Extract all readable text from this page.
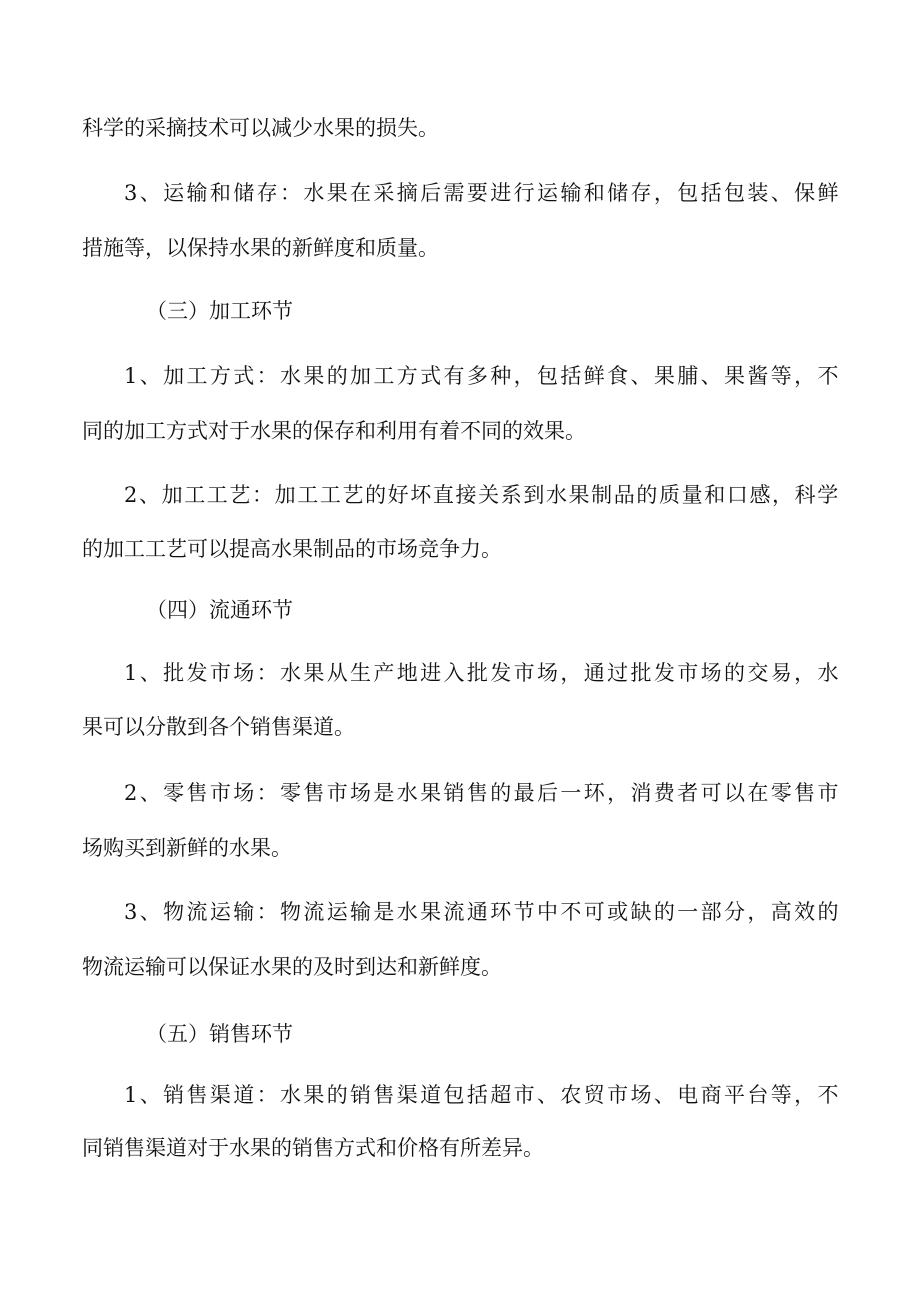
科学的采摘技术可以减少水果的损失。
3、运输和储存：水果在采摘后需要进行运输和储存，包括包装、保鲜
措施等，以保持水果的新鲜度和质量。
（三）加工环节
1、加工方式：水果的加工方式有多种，包括鲜食、果脯、果酱等，不
同的加工方式对于水果的保存和利用有着不同的效果。
2、加工工艺：加工工艺的好坏直接关系到水果制品的质量和口感，科学
的加工工艺可以提高水果制品的市场竞争力。
（四）流通环节
1、批发市场：水果从生产地进入批发市场，通过批发市场的交易，水
果可以分散到各个销售渠道。
2、零售市场：零售市场是水果销售的最后一环，消费者可以在零售市
场购买到新鲜的水果。
3、物流运输：物流运输是水果流通环节中不可或缺的一部分，高效的
物流运输可以保证水果的及时到达和新鲜度。
（五）销售环节
1、销售渠道：水果的销售渠道包括超市、农贸市场、电商平台等，不
同销售渠道对于水果的销售方式和价格有所差异。
